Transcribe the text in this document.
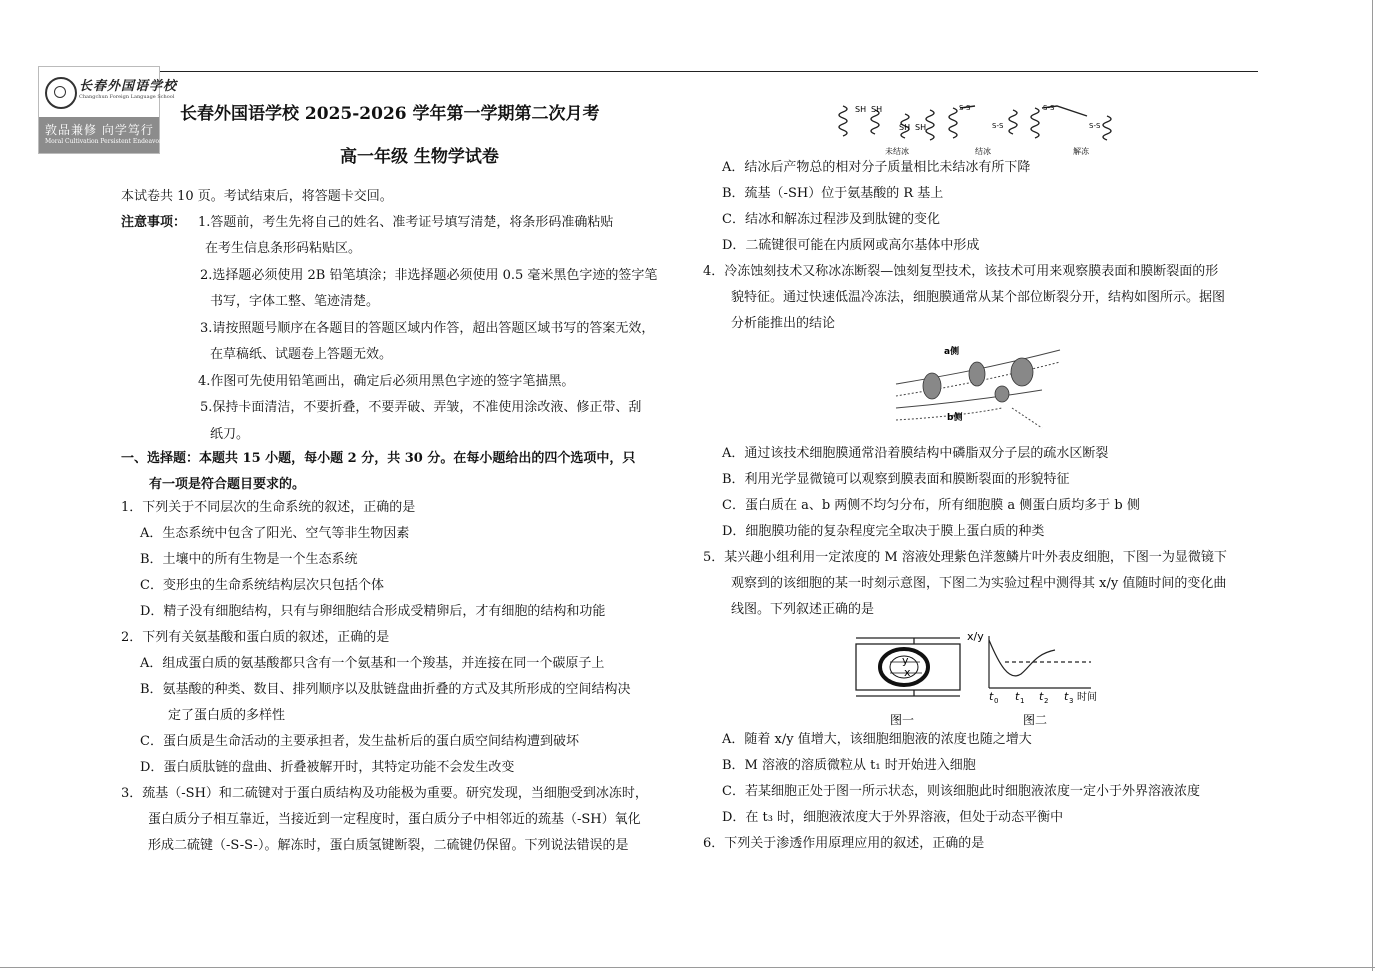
长春外国语学校
Changchun Foreign Language School
敦品兼修 向学笃行
Moral Cultivation Persistent Endeavor
长春外国语学校 2025-2026 学年第一学期第二次月考
高一年级 生物学试卷
本试卷共 10 页。考试结束后，将答题卡交回。
注意事项： 1.答题前，考生先将自己的姓名、准考证号填写清楚，将条形码准确粘贴
在考生信息条形码粘贴区。
2.选择题必须使用 2B 铅笔填涂；非选择题必须使用 0.5 毫米黑色字迹的签字笔
书写，字体工整、笔迹清楚。
3.请按照题号顺序在各题目的答题区域内作答，超出答题区域书写的答案无效，
在草稿纸、试题卷上答题无效。
4.作图可先使用铅笔画出，确定后必须用黑色字迹的签字笔描黑。
5.保持卡面清洁，不要折叠，不要弄破、弄皱，不准使用涂改液、修正带、刮
纸刀。
一、选择题：本题共 15 小题，每小题 2 分，共 30 分。在每小题给出的四个选项中，只
有一项是符合题目要求的。
1．下列关于不同层次的生命系统的叙述，正确的是
A．生态系统中包含了阳光、空气等非生物因素
B．土壤中的所有生物是一个生态系统
C．变形虫的生命系统结构层次只包括个体
D．精子没有细胞结构，只有与卵细胞结合形成受精卵后，才有细胞的结构和功能
2．下列有关氨基酸和蛋白质的叙述，正确的是
A．组成蛋白质的氨基酸都只含有一个氨基和一个羧基，并连接在同一个碳原子上
B．氨基酸的种类、数目、排列顺序以及肽链盘曲折叠的方式及其所形成的空间结构决
定了蛋白质的多样性
C．蛋白质是生命活动的主要承担者，发生盐析后的蛋白质空间结构遭到破坏
D．蛋白质肽链的盘曲、折叠被解开时，其特定功能不会发生改变
3．巯基（-SH）和二硫键对于蛋白质结构及功能极为重要。研究发现，当细胞受到冰冻时，
蛋白质分子相互靠近，当接近到一定程度时，蛋白质分子中相邻近的巯基（-SH）氧化
形成二硫键（-S-S-）。解冻时，蛋白质氢键断裂，二硫键仍保留。下列说法错误的是
SH SH
SH SH
S-S
S-S
S-S
S-S
未结冰	结冰	解冻
A．结冰后产物总的相对分子质量相比未结冰有所下降
B．巯基（-SH）位于氨基酸的 R 基上
C．结冰和解冻过程涉及到肽键的变化
D．二硫键很可能在内质网或高尔基体中形成
4．冷冻蚀刻技术又称冰冻断裂—蚀刻复型技术，该技术可用来观察膜表面和膜断裂面的形
貌特征。通过快速低温冷冻法，细胞膜通常从某个部位断裂分开，结构如图所示。据图
分析能推出的结论
a侧
b侧
A．通过该技术细胞膜通常沿着膜结构中磷脂双分子层的疏水区断裂
B．利用光学显微镜可以观察到膜表面和膜断裂面的形貌特征
C．蛋白质在 a、b 两侧不均匀分布，所有细胞膜 a 侧蛋白质均多于 b 侧
D．细胞膜功能的复杂程度完全取决于膜上蛋白质的种类
5．某兴趣小组利用一定浓度的 M 溶液处理紫色洋葱鳞片叶外表皮细胞，下图一为显微镜下
观察到的该细胞的某一时刻示意图，下图二为实验过程中测得其 x/y 值随时间的变化曲
线图。下列叙述正确的是
y
x
图一
x/y
t 0 t 1 t 2 t 3 时间
图二
A．随着 x/y 值增大，该细胞细胞液的浓度也随之增大
B．M 溶液的溶质微粒从 t₁ 时开始进入细胞
C．若某细胞正处于图一所示状态，则该细胞此时细胞液浓度一定小于外界溶液浓度
D．在 t₃ 时，细胞液浓度大于外界溶液，但处于动态平衡中
6．下列关于渗透作用原理应用的叙述，正确的是
